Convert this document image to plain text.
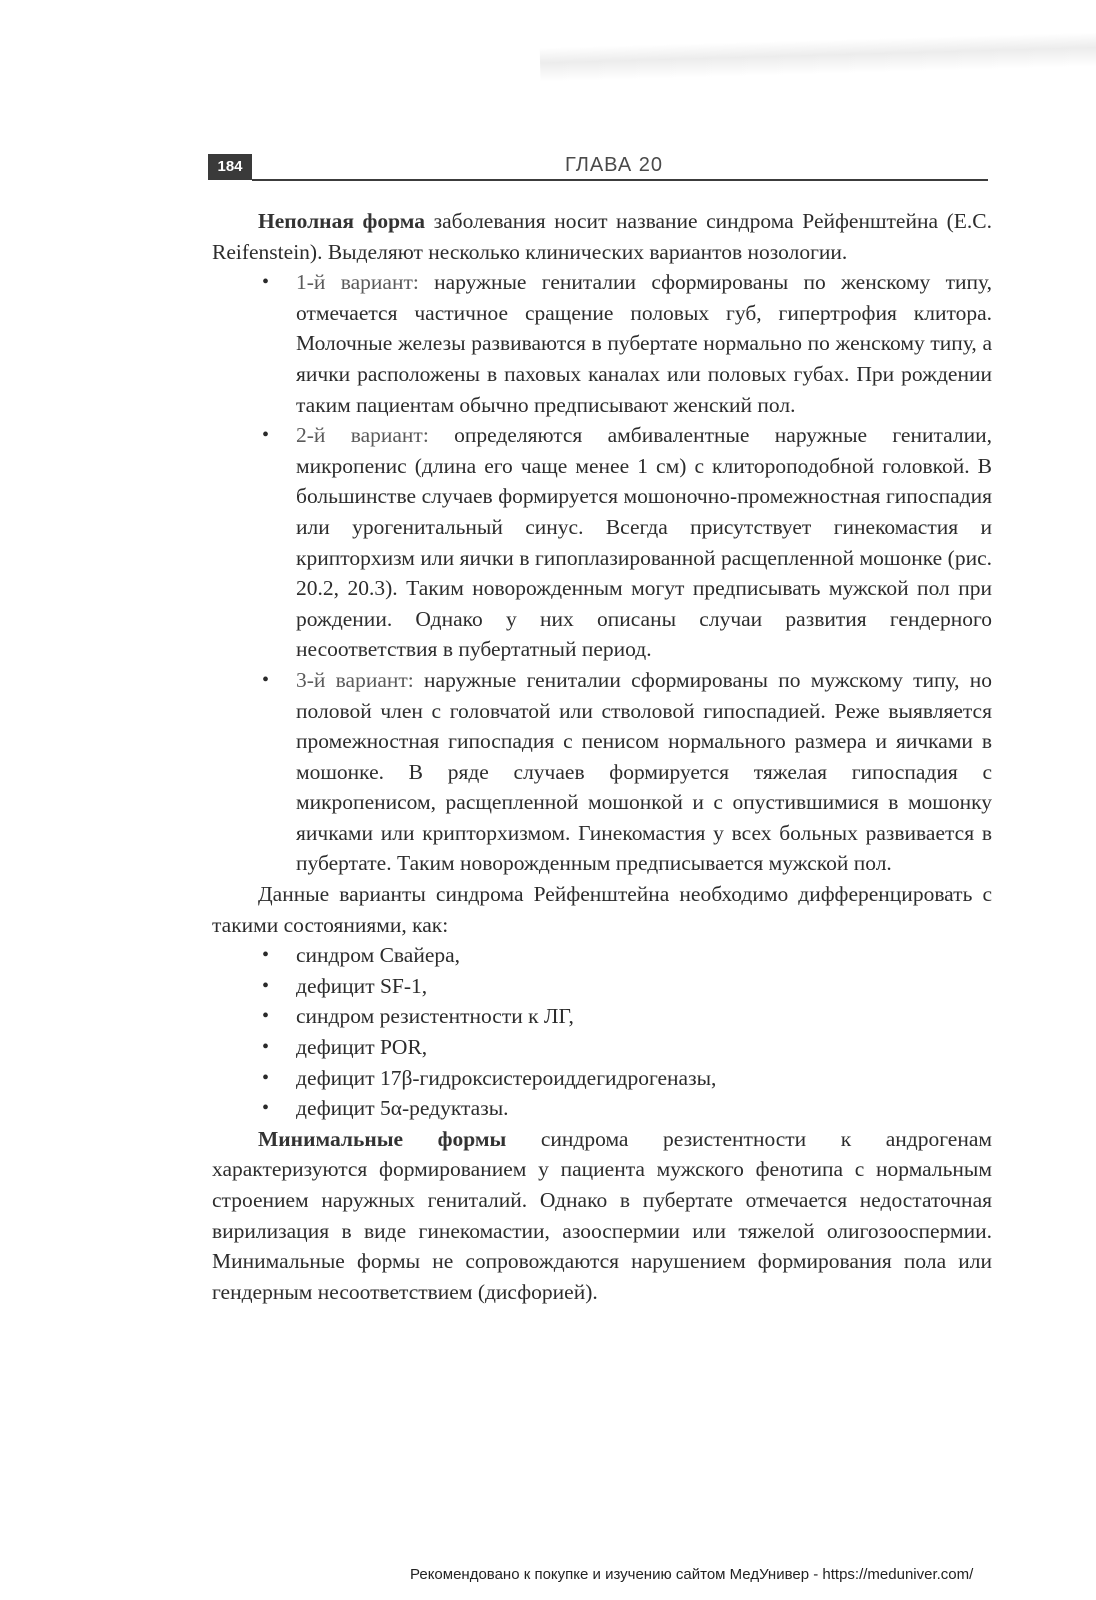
184	ГЛАВА 20

Неполная форма заболевания носит название синдрома Рейфенштейна (E.C. Reifenstein). Выделяют несколько клинических вариантов нозологии.

• 1-й вариант: наружные гениталии сформированы по женскому типу, отмечается частичное сращение половых губ, гипертрофия клитора. Молочные железы развиваются в пубертате нормально по женскому типу, а яички расположены в паховых каналах или половых губах. При рождении таким пациентам обычно предписывают женский пол.
• 2-й вариант: определяются амбивалентные наружные гениталии, микропенис (длина его чаще менее 1 см) с клитороподобной головкой. В большинстве случаев формируется мошоночно-промежностная гипоспадия или урогенитальный синус. Всегда присутствует гинекомастия и крипторхизм или яички в гипоплазированной расщепленной мошонке (рис. 20.2, 20.3). Таким новорожденным могут предписывать мужской пол при рождении. Однако у них описаны случаи развития гендерного несоответствия в пубертатный период.
• 3-й вариант: наружные гениталии сформированы по мужскому типу, но половой член с головчатой или стволовой гипоспадией. Реже выявляется промежностная гипоспадия с пенисом нормального размера и яичками в мошонке. В ряде случаев формируется тяжелая гипоспадия с микропенисом, расщепленной мошонкой и с опустившимися в мошонку яичками или крипторхизмом. Гинекомастия у всех больных развивается в пубертате. Таким новорожденным предписывается мужской пол.

Данные варианты синдрома Рейфенштейна необходимо дифференцировать с такими состояниями, как:

• синдром Свайера,
• дефицит SF-1,
• синдром резистентности к ЛГ,
• дефицит POR,
• дефицит 17β-гидроксистероиддегидрогеназы,
• дефицит 5α-редуктазы.

Минимальные формы синдрома резистентности к андрогенам характеризуются формированием у пациента мужского фенотипа с нормальным строением наружных гениталий. Однако в пубертате отмечается недостаточная вирилизация в виде гинекомастии, азооспермии или тяжелой олигозооспермии. Минимальные формы не сопровождаются нарушением формирования пола или гендерным несоответствием (дисфорией).

Рекомендовано к покупке и изучению сайтом МедУнивер - https://meduniver.com/
